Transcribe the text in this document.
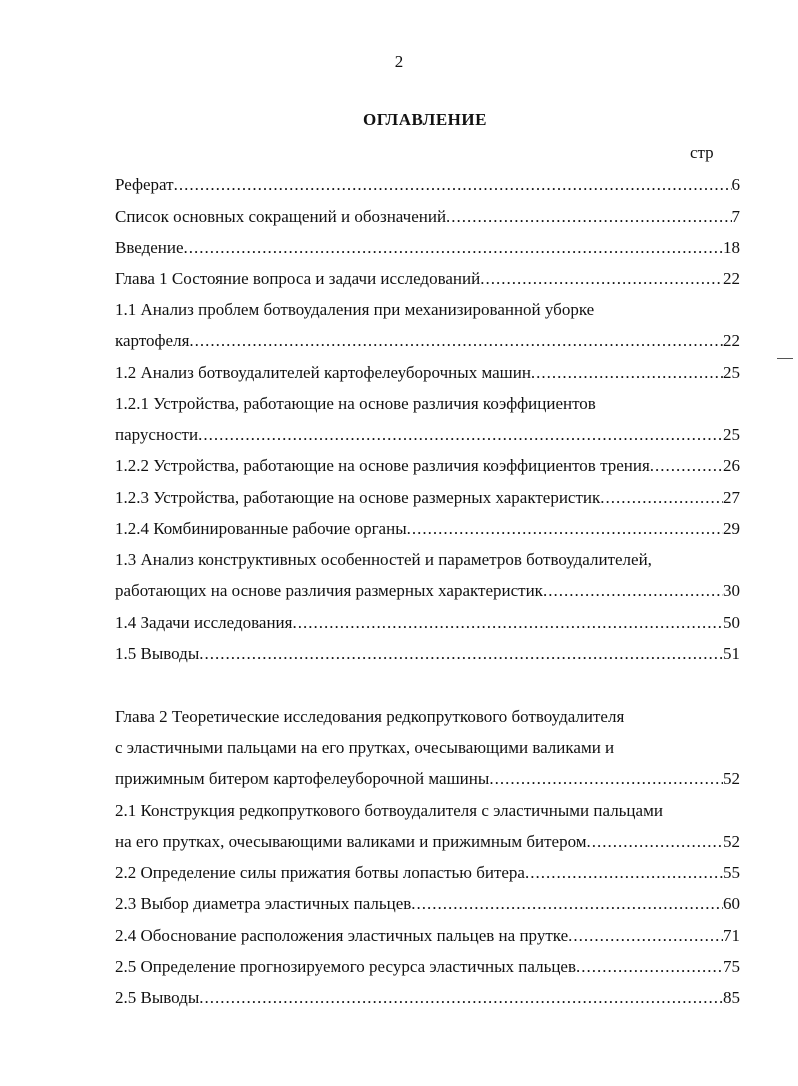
2
ОГЛАВЛЕНИЕ
стр
Реферат .....	6
Список основных сокращений и обозначений .....	7
Введение .....	18
Глава 1 Состояние вопроса и задачи исследований .....	22
1.1 Анализ проблем ботвоудаления при механизированной уборке
картофеля .....	22
1.2 Анализ ботвоудалителей картофелеуборочных машин .....	25
1.2.1 Устройства, работающие на основе различия коэффициентов
парусности .....	25
1.2.2 Устройства, работающие на основе различия коэффициентов трения .....	26
1.2.3 Устройства, работающие на основе размерных характеристик .....	27
1.2.4 Комбинированные рабочие органы .....	29
1.3 Анализ конструктивных особенностей и параметров ботвоудалителей,
работающих на основе различия размерных характеристик .....	30
1.4 Задачи исследования .....	50
1.5 Выводы .....	51
Глава 2 Теоретические исследования редкопруткового ботвоудалителя
с эластичными пальцами на его прутках, очесывающими валиками и
прижимным битером картофелеуборочной машины .....	52
2.1 Конструкция редкопруткового ботвоудалителя с эластичными пальцами
на его прутках, очесывающими валиками и прижимным битером .....	52
2.2 Определение силы прижатия ботвы лопастью битера .....	55
2.3 Выбор диаметра эластичных пальцев .....	60
2.4 Обоснование расположения эластичных пальцев на прутке .....	71
2.5 Определение прогнозируемого ресурса эластичных пальцев .....	75
2.5 Выводы .....	85
